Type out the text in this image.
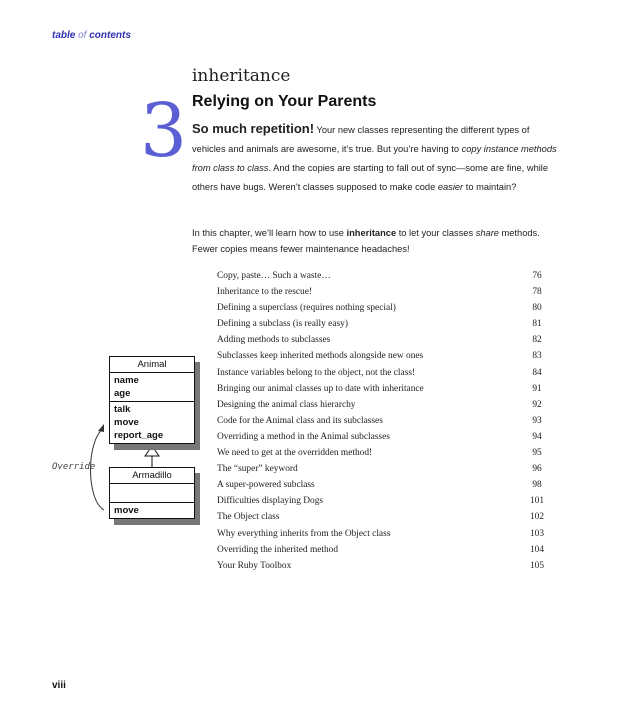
table of contents
3
inheritance
Relying on Your Parents
So much repetition! Your new classes representing the different types of vehicles and animals are awesome, it’s true. But you’re having to copy instance methods from class to class. And the copies are starting to fall out of sync—some are fine, while others have bugs. Weren’t classes supposed to make code easier to maintain?
In this chapter, we’ll learn how to use inheritance to let your classes share methods. Fewer copies means fewer maintenance headaches!
Copy, paste… Such a waste…	76
Inheritance to the rescue!	78
Defining a superclass (requires nothing special)	80
Defining a subclass (is really easy)	81
Adding methods to subclasses	82
Subclasses keep inherited methods alongside new ones	83
Instance variables belong to the object, not the class!	84
Bringing our animal classes up to date with inheritance	91
Designing the animal class hierarchy	92
Code for the Animal class and its subclasses	93
Overriding a method in the Animal subclasses	94
We need to get at the overridden method!	95
The “super” keyword	96
A super-powered subclass	98
Difficulties displaying Dogs	101
The Object class	102
Why everything inherits from the Object class	103
Overriding the inherited method	104
Your Ruby Toolbox	105
Animal
name
age
talk
move
report_age
Armadillo
move
Override
viii
